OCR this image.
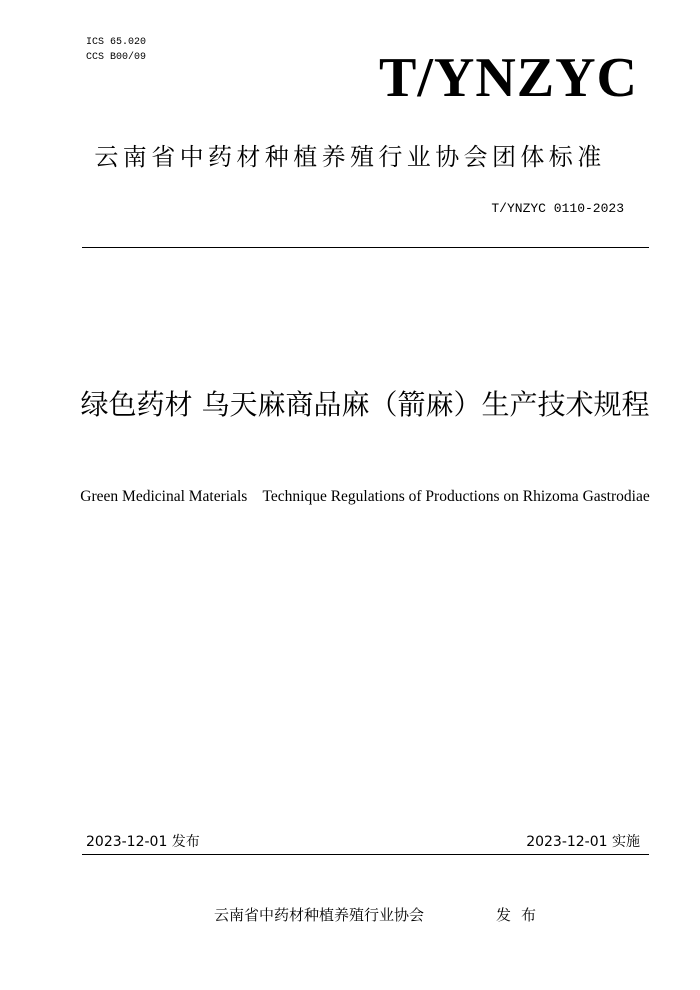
ICS 65.020
CCS B00/09	T/YNZYC
云南省中药材种植养殖行业协会团体标准
T/YNZYC 0110-2023
绿色药材 乌天麻商品麻（箭麻）生产技术规程
Green Medicinal Materials    Technique Regulations of Productions on Rhizoma Gastrodiae
2023-12-01 发布	2023-12-01 实施
云南省中药材种植养殖行业协会	发布
